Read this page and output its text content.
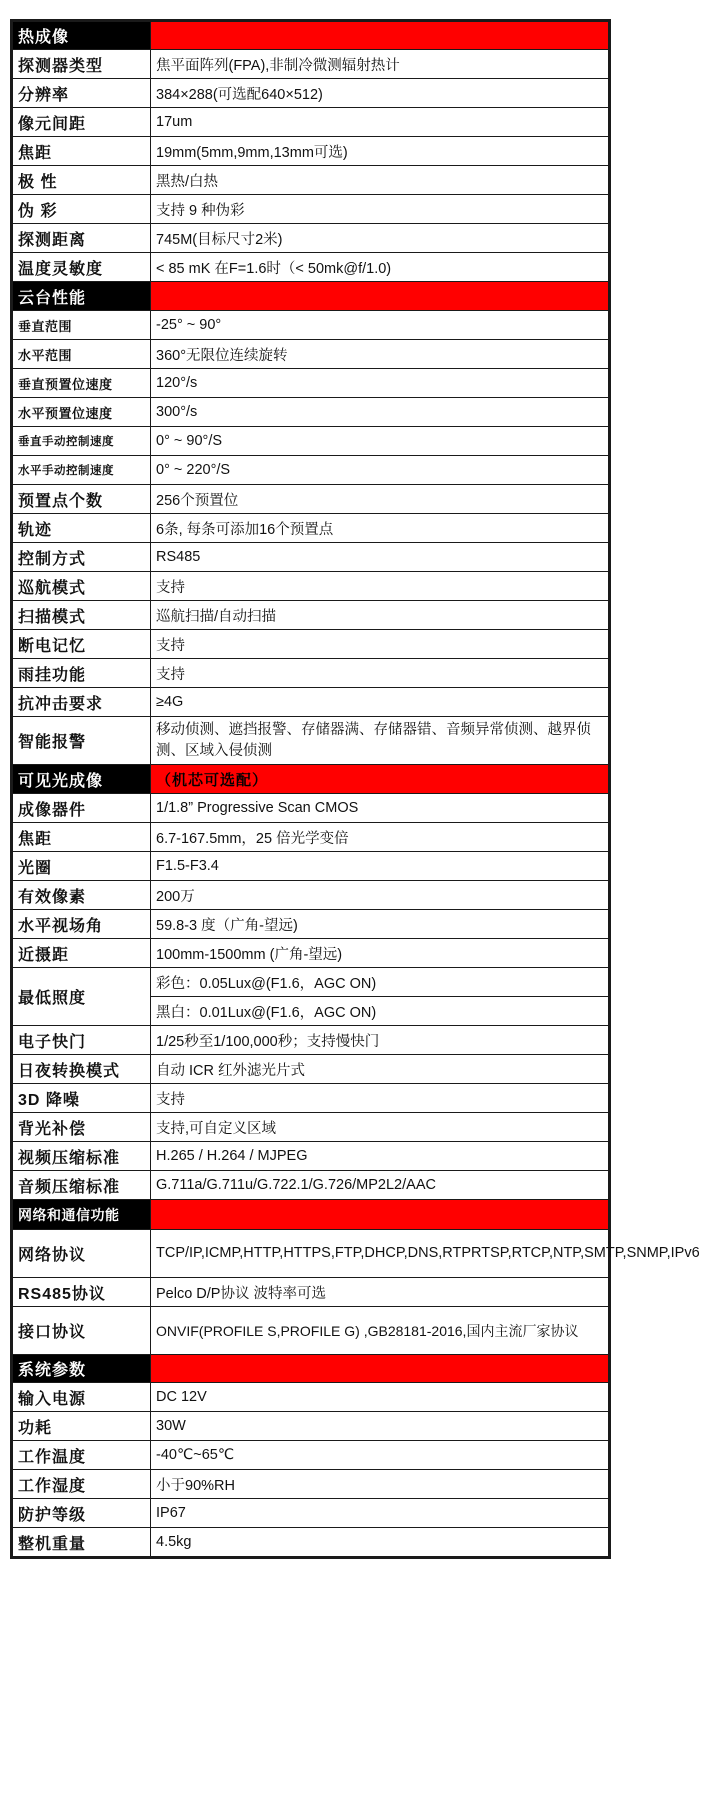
热成像	
探测器类型	焦平面阵列(FPA),非制冷微测辐射热计
分辨率	384×288(可选配640×512)
像元间距	17um
焦距	19mm(5mm,9mm,13mm可选)
极 性	黑热/白热
伪 彩	支持 9 种伪彩
探测距离	745M(目标尺寸2米)
温度灵敏度	< 85 mK 在F=1.6时（< 50mk@f/1.0)
云台性能	
垂直范围	-25° ~ 90°
水平范围	360°无限位连续旋转
垂直预置位速度	120°/s
水平预置位速度	300°/s
垂直手动控制速度	0° ~ 90°/S
水平手动控制速度	0° ~ 220°/S
预置点个数	256个预置位
轨迹	6条, 每条可添加16个预置点
控制方式	RS485
巡航模式	支持
扫描模式	巡航扫描/自动扫描
断电记忆	支持
雨挂功能	支持
抗冲击要求	≥4G
智能报警	移动侦测、遮挡报警、存储器满、存储器错、音频异常侦测、越界侦测、区域入侵侦测
可见光成像	（机芯可选配）
成像器件	1/1.8” Progressive Scan CMOS
焦距	6.7-167.5mm，25 倍光学变倍
光圈	F1.5-F3.4
有效像素	200万
水平视场角	59.8-3 度（广角-望远)
近摄距	100mm-1500mm (广角-望远)
最低照度	彩色：0.05Lux@(F1.6，AGC ON)
	黑白：0.01Lux@(F1.6，AGC ON)
电子快门	1/25秒至1/100,000秒；支持慢快门
日夜转换模式	自动 ICR 红外滤光片式
3D 降噪	支持
背光补偿	支持,可自定义区域
视频压缩标准	H.265 / H.264 / MJPEG
音频压缩标准	G.711a/G.711u/G.722.1/G.726/MP2L2/AAC
网络和通信功能	
网络协议	TCP/IP,ICMP,HTTP,HTTPS,FTP,DHCP,DNS,RTPRTSP,RTCP,NTP,SMTP,SNMP,IPv6
RS485协议	Pelco D/P协议 波特率可选
接口协议	ONVIF(PROFILE S,PROFILE G) ,GB28181-2016,国内主流厂家协议
系统参数	
输入电源	DC 12V
功耗	30W
工作温度	-40℃~65℃
工作湿度	小于90%RH
防护等级	IP67
整机重量	4.5kg
